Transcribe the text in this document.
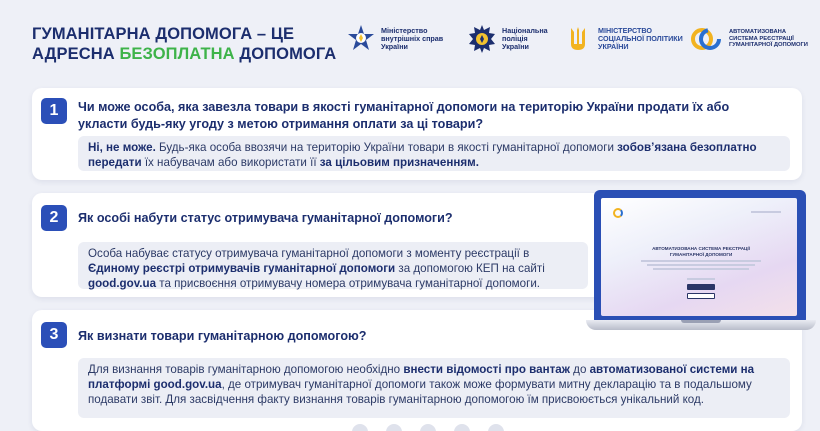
ГУМАНІТАРНА ДОПОМОГА – ЦЕ
АДРЕСНА БЕЗОПЛАТНА ДОПОМОГА
Міністерство
внутрішніх справ
України
Національна
поліція
України
МІНІСТЕРСТВО
СОЦІАЛЬНОЇ ПОЛІТИКИ
УКРАЇНИ
АВТОМАТИЗОВАНА
СИСТЕМА РЕЄСТРАЦІЇ
ГУМАНІТАРНОЇ ДОПОМОГИ
1	Чи може особа, яка завезла товари в якості гуманітарної допомоги на територію України продати їх або укласти будь-яку угоду з метою отримання оплати за ці товари?
Ні, не може. Будь-яка особа ввозячи на територію України товари в якості гуманітарної допомоги зобов’язана безоплатно передати їх набувачам або використати її за цільовим призначенням.
2	Як особі набути статус отримувача гуманітарної допомоги?
Особа набуває статусу отримувача гуманітарної допомоги з моменту реєстрації в Єдиному реєстрі отримувачів гуманітарної допомоги за допомогою КЕП на сайті good.gov.ua та присвоєння отримувачу номера отримувача гуманітарної допомоги.
3	Як визнати товари гуманітарною допомогою?
Для визнання товарів гуманітарною допомогою необхідно внести відомості про вантаж до автоматизованої системи на платформі good.gov.ua, де отримувач гуманітарної допомоги також може формувати митну декларацію та в подальшому подавати звіт. Для засвідчення факту визнання товарів гуманітарною допомогою їм присвоюється унікальний код.
АВТОМАТИЗОВАНА СИСТЕМА РЕЄСТРАЦІЇ
ГУМАНІТАРНОЇ ДОПОМОГИ
